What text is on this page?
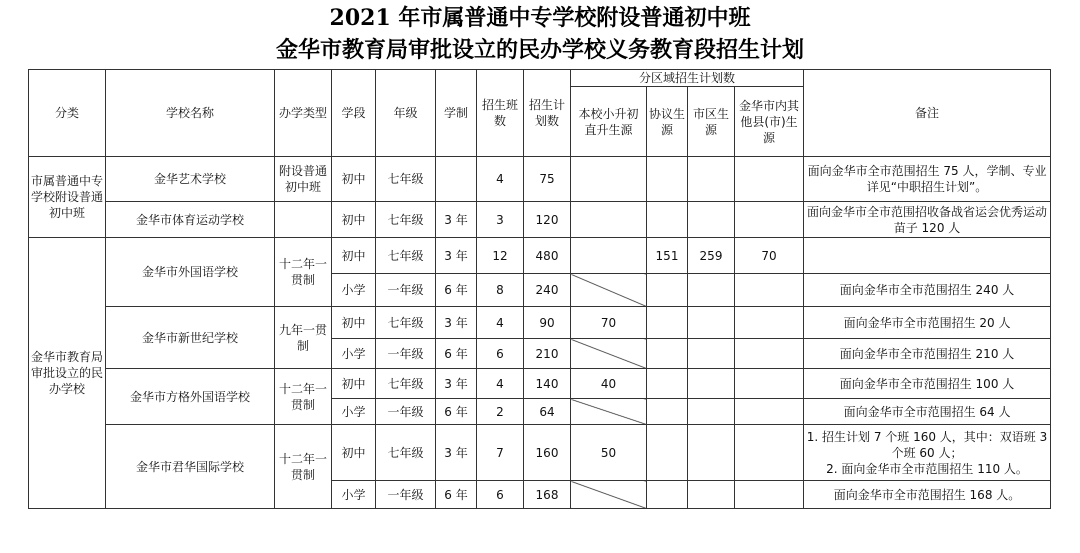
2021 年市属普通中专学校附设普通初中班
金华市教育局审批设立的民办学校义务教育段招生计划
分类	学校名称	办学类型	学段	年级	学制	招生班数	招生计划数	分区域招生计划数				备注
								本校小升初直升生源	协议生源	市区生源	金华市内其他县(市)生源	
市属普通中专学校附设普通初中班	金华艺术学校	附设普通初中班	初中	七年级		4	75					面向金华市全市范围招生 75 人，学制、专业详见“中职招生计划”。
	金华市体育运动学校		初中	七年级	3 年	3	120					面向金华市全市范围招收备战省运会优秀运动苗子 120 人
金华市教育局审批设立的民办学校	金华市外国语学校	十二年一贯制	初中	七年级	3 年	12	480		151	259	70	
			小学	一年级	6 年	8	240					面向金华市全市范围招生 240 人
	金华市新世纪学校	九年一贯制	初中	七年级	3 年	4	90	70				面向金华市全市范围招生 20 人
			小学	一年级	6 年	6	210					面向金华市全市范围招生 210 人
	金华市方格外国语学校	十二年一贯制	初中	七年级	3 年	4	140	40				面向金华市全市范围招生 100 人
			小学	一年级	6 年	2	64					面向金华市全市范围招生 64 人
	金华市君华国际学校	十二年一贯制	初中	七年级	3 年	7	160	50				1. 招生计划 7 个班 160 人，其中：双语班 3 个班 60 人；
2. 面向金华市全市范围招生 110 人。
			小学	一年级	6 年	6	168					面向金华市全市范围招生 168 人。
